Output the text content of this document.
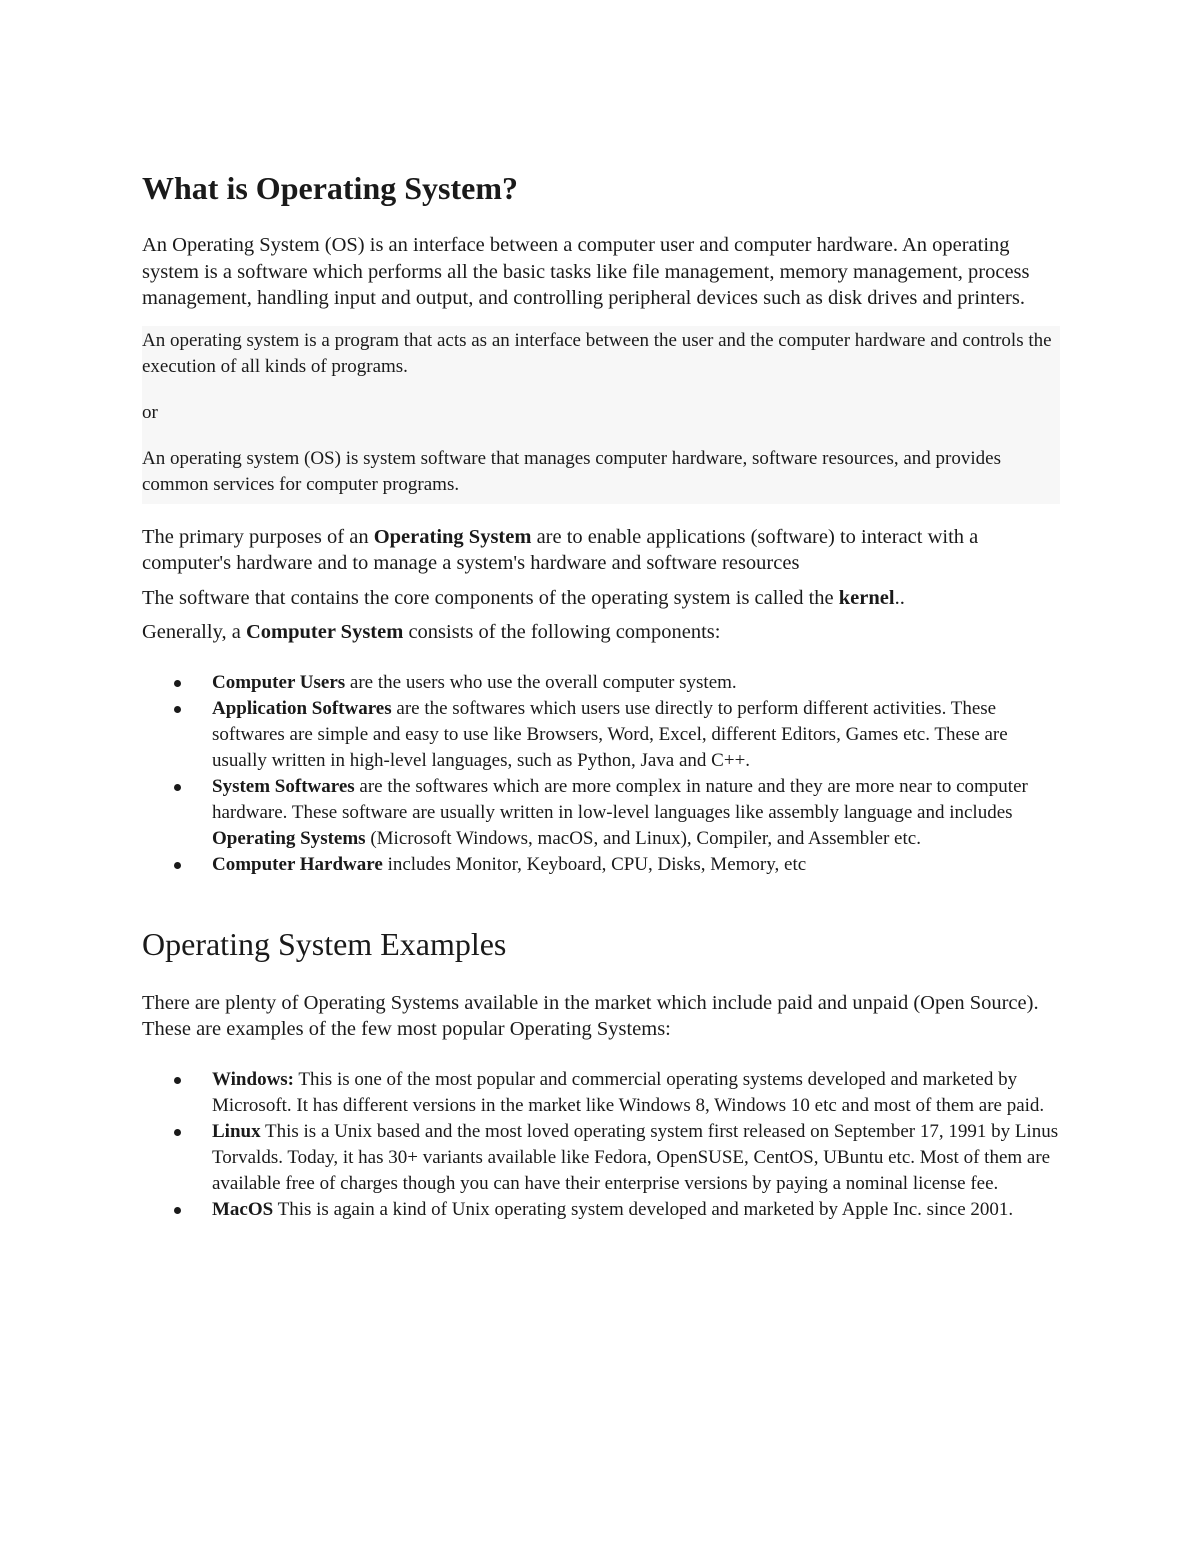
What is Operating System?

An Operating System (OS) is an interface between a computer user and computer hardware. An operating system is a software which performs all the basic tasks like file management, memory management, process management, handling input and output, and controlling peripheral devices such as disk drives and printers.

An operating system is a program that acts as an interface between the user and the computer hardware and controls the execution of all kinds of programs.

or

An operating system (OS) is system software that manages computer hardware, software resources, and provides common services for computer programs.

The primary purposes of an Operating System are to enable applications (software) to interact with a computer's hardware and to manage a system's hardware and software resources

The software that contains the core components of the operating system is called the kernel..

Generally, a Computer System consists of the following components:

Computer Users are the users who use the overall computer system.
Application Softwares are the softwares which users use directly to perform different activities. These softwares are simple and easy to use like Browsers, Word, Excel, different Editors, Games etc. These are usually written in high-level languages, such as Python, Java and C++.
System Softwares are the softwares which are more complex in nature and they are more near to computer hardware. These software are usually written in low-level languages like assembly language and includes Operating Systems (Microsoft Windows, macOS, and Linux), Compiler, and Assembler etc.
Computer Hardware includes Monitor, Keyboard, CPU, Disks, Memory, etc
Operating System Examples

There are plenty of Operating Systems available in the market which include paid and unpaid (Open Source). These are examples of the few most popular Operating Systems:

Windows: This is one of the most popular and commercial operating systems developed and marketed by Microsoft. It has different versions in the market like Windows 8, Windows 10 etc and most of them are paid.
Linux This is a Unix based and the most loved operating system first released on September 17, 1991 by Linus Torvalds. Today, it has 30+ variants available like Fedora, OpenSUSE, CentOS, UBuntu etc. Most of them are available free of charges though you can have their enterprise versions by paying a nominal license fee.
MacOS This is again a kind of Unix operating system developed and marketed by Apple Inc. since 2001.
